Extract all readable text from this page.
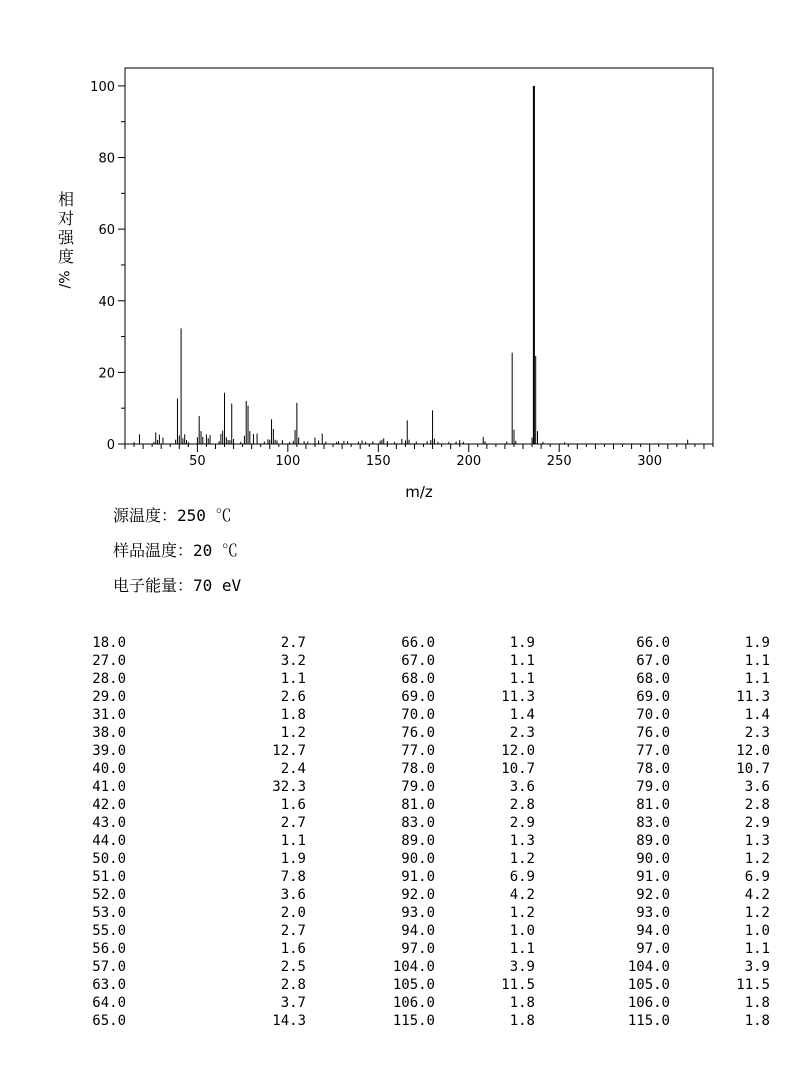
50	100	150	200	250	300
0
20
40
60
80
100
m/z
相
对
强
度
/%
源温度：250 ℃
样品温度：20 ℃
电子能量：70 eV
18.0	2.7	66.0	1.9	66.0	1.9
27.0	3.2	67.0	1.1	67.0	1.1
28.0	1.1	68.0	1.1	68.0	1.1
29.0	2.6	69.0	11.3	69.0	11.3
31.0	1.8	70.0	1.4	70.0	1.4
38.0	1.2	76.0	2.3	76.0	2.3
39.0	12.7	77.0	12.0	77.0	12.0
40.0	2.4	78.0	10.7	78.0	10.7
41.0	32.3	79.0	3.6	79.0	3.6
42.0	1.6	81.0	2.8	81.0	2.8
43.0	2.7	83.0	2.9	83.0	2.9
44.0	1.1	89.0	1.3	89.0	1.3
50.0	1.9	90.0	1.2	90.0	1.2
51.0	7.8	91.0	6.9	91.0	6.9
52.0	3.6	92.0	4.2	92.0	4.2
53.0	2.0	93.0	1.2	93.0	1.2
55.0	2.7	94.0	1.0	94.0	1.0
56.0	1.6	97.0	1.1	97.0	1.1
57.0	2.5	104.0	3.9	104.0	3.9
63.0	2.8	105.0	11.5	105.0	11.5
64.0	3.7	106.0	1.8	106.0	1.8
65.0	14.3	115.0	1.8	115.0	1.8
